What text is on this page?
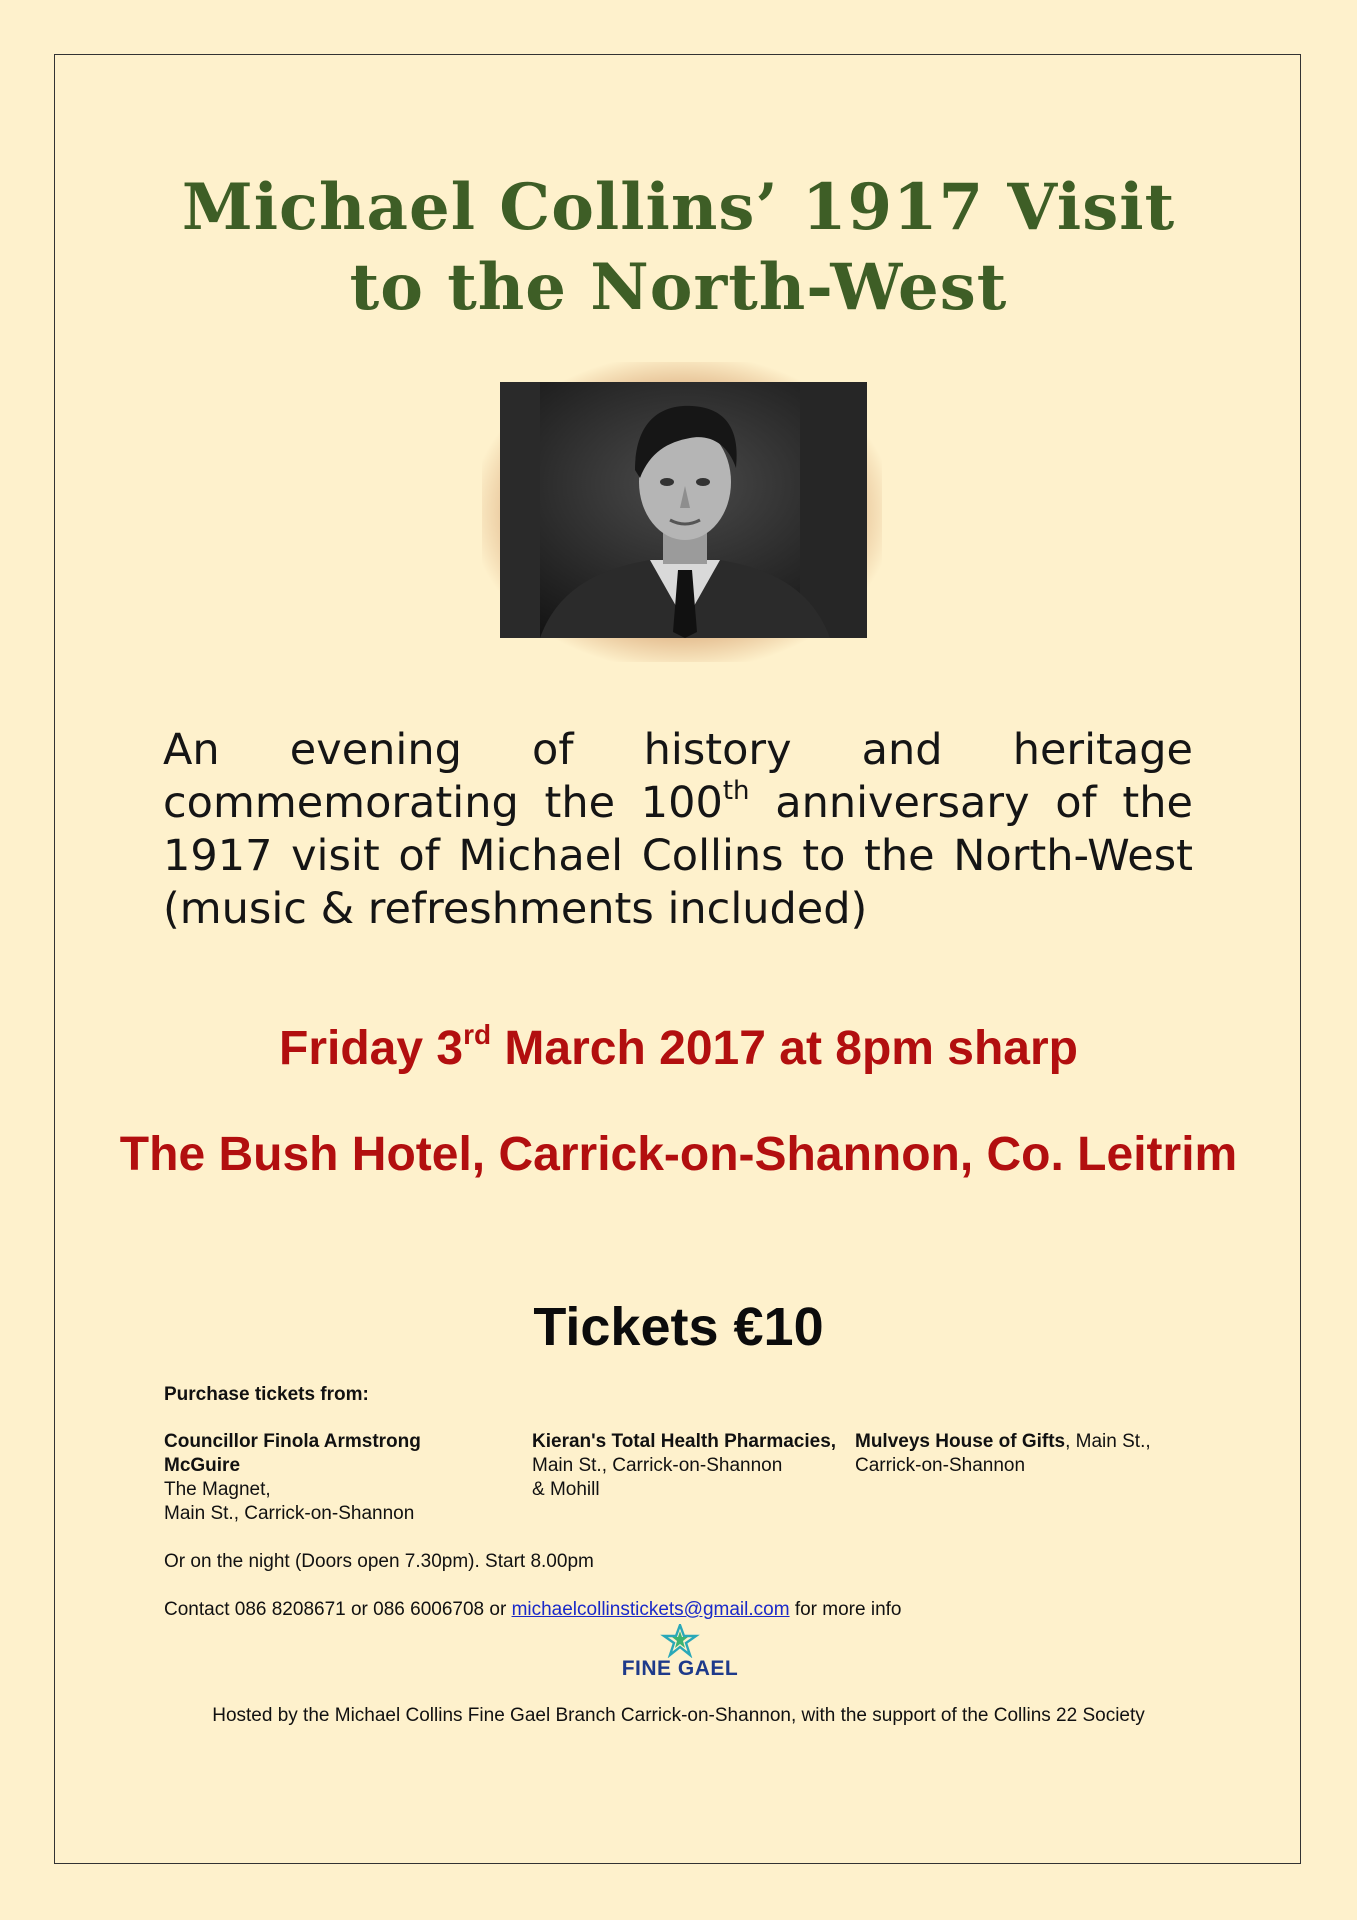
Michael Collins’ 1917 Visit
to the North-West

An evening of history and heritage commemorating the 100th anniversary of the 1917 visit of Michael Collins to the North-West (music & refreshments included)

Friday 3rd March 2017 at 8pm sharp
The Bush Hotel, Carrick-on-Shannon, Co. Leitrim
Tickets €10
Purchase tickets from:
Councillor Finola Armstrong McGuire
The Magnet,
Main St., Carrick-on-Shannon
Kieran's Total Health Pharmacies,
Main St., Carrick-on-Shannon
& Mohill
Mulveys House of Gifts, Main St., Carrick-on-Shannon
Or on the night (Doors open 7.30pm). Start 8.00pm
Contact 086 8208671 or 086 6006708 or michaelcollinstickets@gmail.com for more info
FINE GAEL
Hosted by the Michael Collins Fine Gael Branch Carrick-on-Shannon, with the support of the Collins 22 Society
